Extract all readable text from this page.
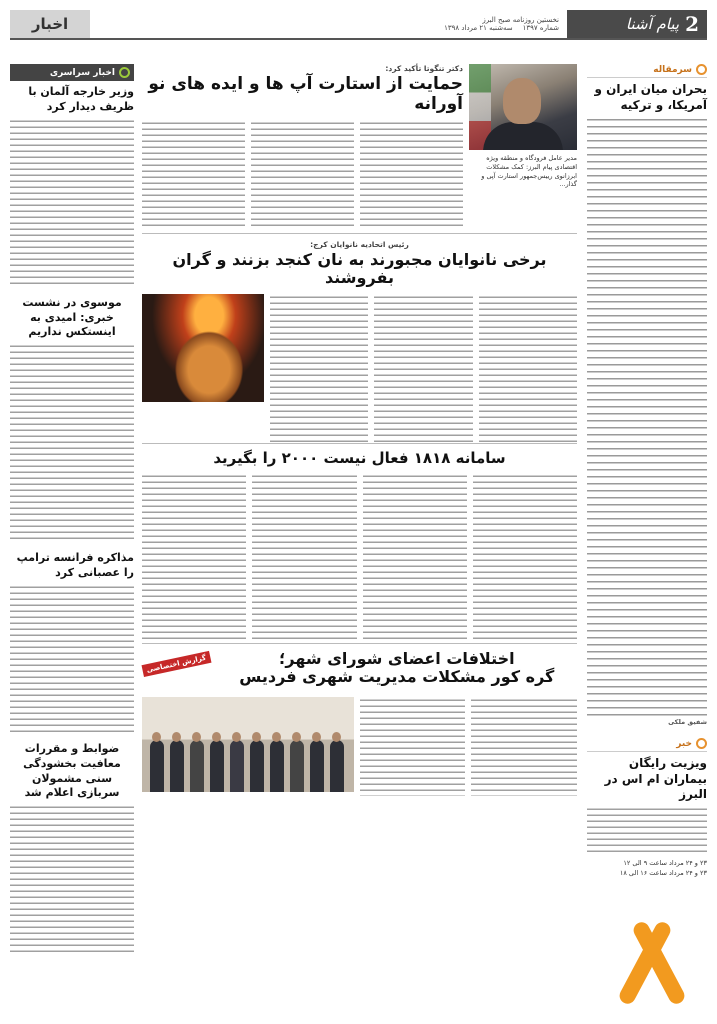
2
پیام آشنا
نخستین روزنامه صبح البرز
شماره ۱۳۹۷
سه‌شنبه ۲۱ مرداد ۱۳۹۸
اخبار
سرمقاله
بحران میان ایران و آمریکا، و ترکیه
شفیق ملکی
خبر
ویزیت رایگان بیماران ام اس در البرز
۲۳ و ۲۴ مرداد ساعت ۹ الی ۱۲
۲۳ و ۲۴ مرداد ساعت ۱۶ الی ۱۸
مدیر عامل فرودگاه و منطقه ویژه اقتصادی پیام البرز: کمک مشکلات ابرزانوی رییس‌جمهور استارت آپی و گذار...
دکتر تنگوتا تأکید کرد:
حمایت از استارت آپ ها و ایده های نو آورانه
رئیس اتحادیه نانوایان کرج:
برخی نانوایان مجبورند به نان کنجد بزنند و گران بفروشند
سامانه ۱۸۱۸ فعال نیست ۲۰۰۰ را بگیرید
اختلافات اعضای شورای شهر؛
گره کور مشکلات مدیریت شهری فردیس
گزارش اختصاصی
اخبار سراسری
وزیر خارجه آلمان با ظریف دیدار کرد
موسوی در نشست خبری: امیدی به اینستکس نداریم
مذاکره فرانسه ترامپ را عصبانی کرد
ضوابط و مقررات معافیت بخشودگی سنی مشمولان سربازی اعلام شد
